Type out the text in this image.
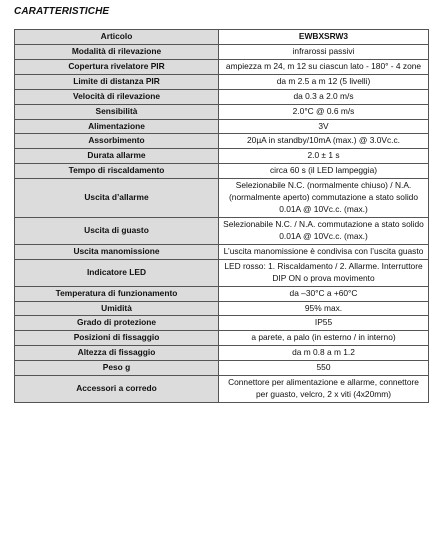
CARATTERISTICHE
Articolo	EWBXSRW3
Modalità di rilevazione	infrarossi passivi
Copertura rivelatore PIR	ampiezza m 24, m 12 su ciascun lato - 180° - 4 zone
Limite di distanza PIR	da m 2.5 a m 12 (5 livelli)
Velocità di rilevazione	da 0.3 a 2.0 m/s
Sensibilità	2.0°C @ 0.6 m/s
Alimentazione	3V
Assorbimento	20µA in standby/10mA (max.) @ 3.0Vc.c.
Durata allarme	2.0 ± 1 s
Tempo di riscaldamento	circa 60 s (il LED lampeggia)
Uscita d’allarme	Selezionabile N.C. (normalmente chiuso) / N.A. (normalmente aperto) commutazione a stato solido 0.01A @ 10Vc.c. (max.)
Uscita di guasto	Selezionabile N.C. / N.A. commutazione a stato solido 0.01A @ 10Vc.c. (max.)
Uscita manomissione	L’uscita manomissione è condivisa con l’uscita guasto
Indicatore LED	LED rosso: 1. Riscaldamento / 2. Allarme. Interruttore DIP ON o prova movimento
Temperatura di funzionamento	da –30°C a +60°C
Umidità	95% max.
Grado di protezione	IP55
Posizioni di fissaggio	a parete, a palo (in esterno / in interno)
Altezza di fissaggio	da m 0.8 a m 1.2
Peso g	550
Accessori a corredo	Connettore per alimentazione e allarme, connettore per guasto, velcro, 2 x viti (4x20mm)
